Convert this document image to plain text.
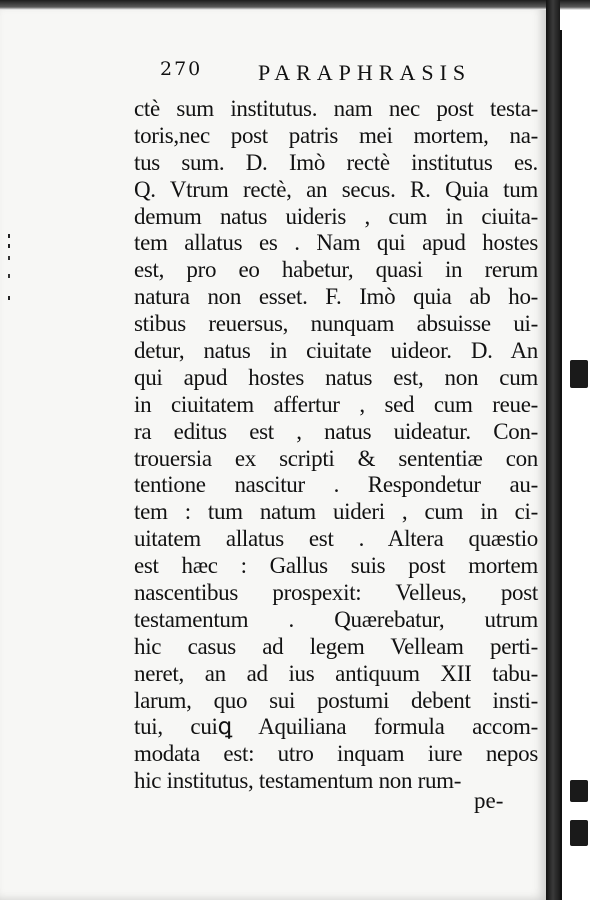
270	PARAPHRASIS
ctè sum institutus. nam nec post testa-
toris,nec post patris mei mortem, na-
tus sum. D. Imò rectè institutus es.
Q. Vtrum rectè, an secus. R. Quia tum
demum natus uideris , cum in ciuita-
tem allatus es . Nam qui apud hostes
est, pro eo habetur, quasi in rerum
natura non esset. F. Imò quia ab ho-
stibus reuersus, nunquam absuisse ui-
detur, natus in ciuitate uideor. D. An
qui apud hostes natus est, non cum
in ciuitatem affertur , sed cum reue-
ra editus est , natus uideatur. Con-
trouersia ex scripti & sententiæ con
tentione nascitur . Respondetur au-
tem : tum natum uideri , cum in ci-
uitatem allatus est . Altera quæstio
est hæc : Gallus suis post mortem
nascentibus prospexit: Velleus, post
testamentum . Quærebatur, utrum
hic casus ad legem Velleam perti-
neret, an ad ius antiquum XII tabu-
larum, quo sui postumi debent insti-
tui, cuiꝗ Aquiliana formula accom-
modata est: utro inquam iure nepos
hic institutus, testamentum non rum-
pe-
